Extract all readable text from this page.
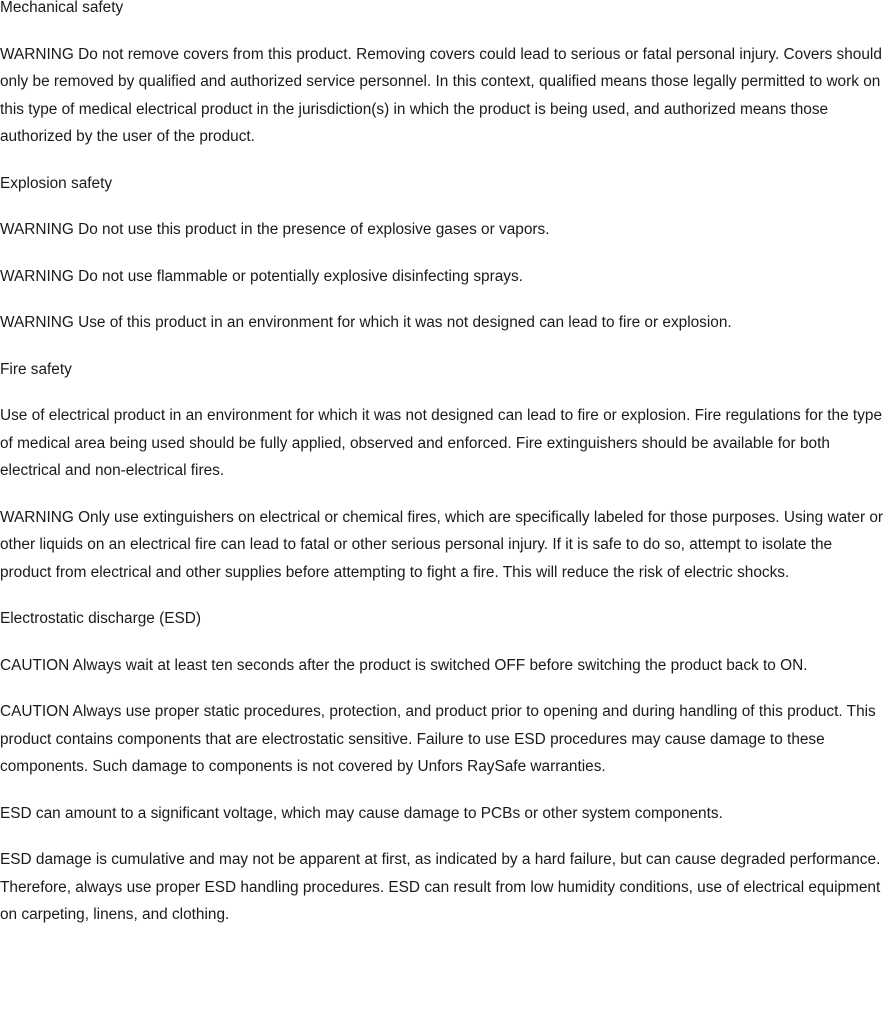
Mechanical safety

WARNING Do not remove covers from this product. Removing covers could lead to serious or fatal personal injury. Covers should only be removed by qualified and authorized service personnel. In this context, qualified means those legally permitted to work on this type of medical electrical product in the jurisdiction(s) in which the product is being used, and authorized means those authorized by the user of the product.

Explosion safety

WARNING Do not use this product in the presence of explosive gases or vapors.

WARNING Do not use flammable or potentially explosive disinfecting sprays.

WARNING Use of this product in an environment for which it was not designed can lead to fire or explosion.

Fire safety

Use of electrical product in an environment for which it was not designed can lead to fire or explosion. Fire regulations for the type of medical area being used should be fully applied, observed and enforced. Fire extinguishers should be available for both electrical and non-electrical fires.

WARNING Only use extinguishers on electrical or chemical fires, which are specifically labeled for those purposes. Using water or other liquids on an electrical fire can lead to fatal or other serious personal injury. If it is safe to do so, attempt to isolate the product from electrical and other supplies before attempting to fight a fire. This will reduce the risk of electric shocks.

Electrostatic discharge (ESD)

CAUTION Always wait at least ten seconds after the product is switched OFF before switching the product back to ON.

CAUTION Always use proper static procedures, protection, and product prior to opening and during handling of this product. This product contains components that are electrostatic sensitive. Failure to use ESD procedures may cause damage to these components. Such damage to components is not covered by Unfors RaySafe warranties.

ESD can amount to a significant voltage, which may cause damage to PCBs or other system components.

ESD damage is cumulative and may not be apparent at first, as indicated by a hard failure, but can cause degraded performance. Therefore, always use proper ESD handling procedures. ESD can result from low humidity conditions, use of electrical equipment on carpeting, linens, and clothing.
